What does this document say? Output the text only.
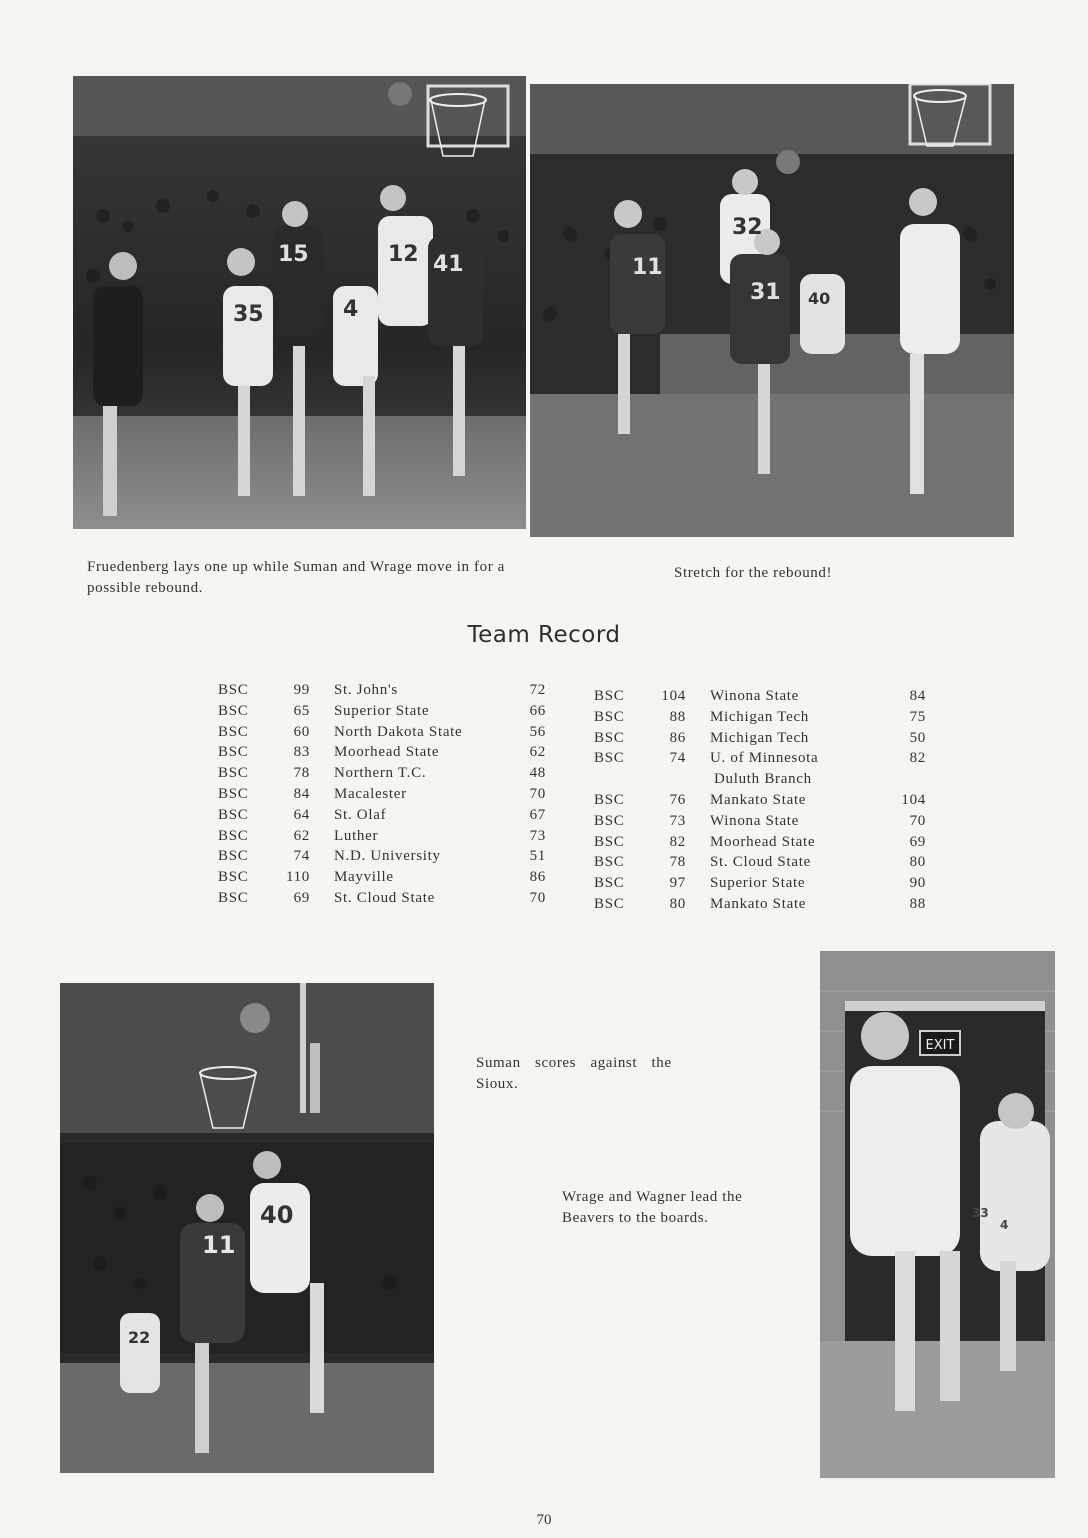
15
35	4
12 41
Fruedenberg lays one up while Suman and Wrage move in for a possible rebound.
11
32
31 40
Stretch for the rebound!
Team Record
BSC	99	St. John's	72
BSC	65	Superior State	66
BSC	60	North Dakota State	56
BSC	83	Moorhead State	62
BSC	78	Northern T.C.	48
BSC	84	Macalester	70
BSC	64	St. Olaf	67
BSC	62	Luther	73
BSC	74	N.D. University	51
BSC	110	Mayville	86
BSC	69	St. Cloud State	70
BSC	104	Winona State	84
BSC	88	Michigan Tech	75
BSC	86	Michigan Tech	50
BSC	74	U. of Minnesota	82
		Duluth Branch	
BSC	76	Mankato State	104
BSC	73	Winona State	70
BSC	82	Moorhead State	69
BSC	78	St. Cloud State	80
BSC	97	Superior State	90
BSC	80	Mankato State	88
11
40
22
Suman scores against the Sioux.
Wrage and Wagner lead the Beavers to the boards.
EXIT
33
4
70
